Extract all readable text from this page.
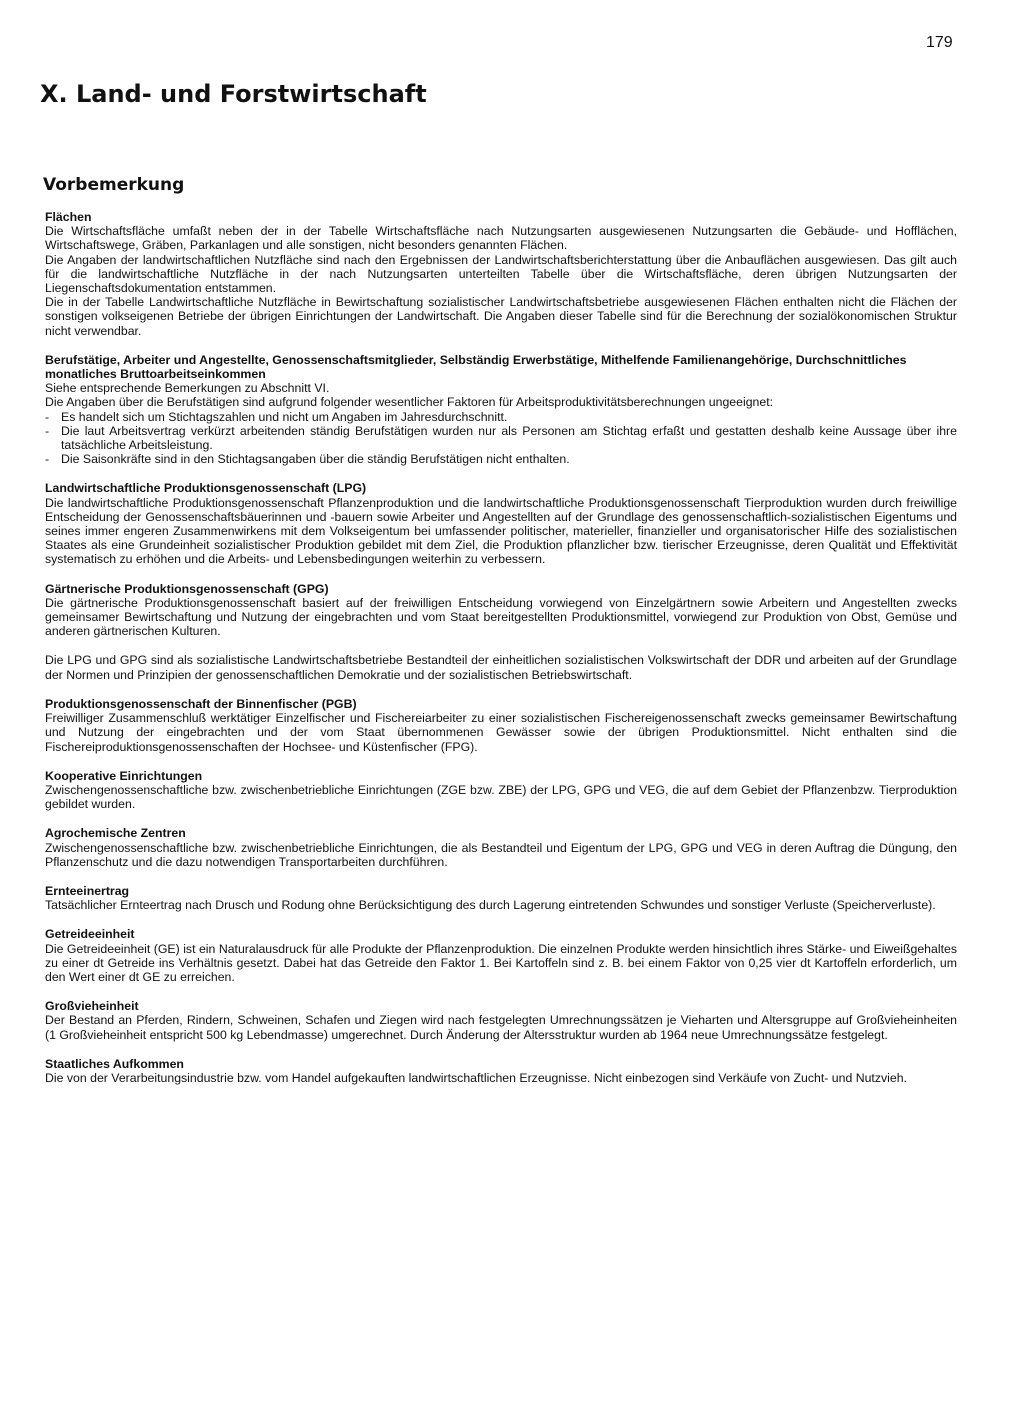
179
X. Land- und Forstwirtschaft
Vorbemerkung
Flächen

Die Wirtschaftsfläche umfaßt neben der in der Tabelle Wirtschaftsfläche nach Nutzungsarten ausgewiesenen Nutzungsarten die Gebäude- und Hofflächen, Wirtschaftswege, Gräben, Parkanlagen und alle sonstigen, nicht besonders genannten Flächen.

Die Angaben der landwirtschaftlichen Nutzfläche sind nach den Ergebnissen der Landwirtschaftsberichterstattung über die Anbauflächen ausgewiesen. Das gilt auch für die landwirtschaftliche Nutzfläche in der nach Nutzungsarten unterteilten Tabelle über die Wirtschaftsfläche, deren übrigen Nutzungsarten der Liegenschaftsdokumentation entstammen.

Die in der Tabelle Landwirtschaftliche Nutzfläche in Bewirtschaftung sozialistischer Landwirtschaftsbetriebe ausgewiesenen Flächen enthalten nicht die Flächen der sonstigen volkseigenen Betriebe der übrigen Einrichtungen der Landwirtschaft. Die Angaben dieser Tabelle sind für die Berechnung der sozialökonomischen Struktur nicht verwendbar.

Berufstätige, Arbeiter und Angestellte, Genossenschaftsmitglieder, Selbständig Erwerbstätige, Mithelfende Familienangehörige, Durchschnittliches monatliches Bruttoarbeitseinkommen

Siehe entsprechende Bemerkungen zu Abschnitt VI.

Die Angaben über die Berufstätigen sind aufgrund folgender wesentlicher Faktoren für Arbeitsproduktivitätsberechnungen ungeeignet:

- Es handelt sich um Stichtagszahlen und nicht um Angaben im Jahresdurchschnitt.
- Die laut Arbeitsvertrag verkürzt arbeitenden ständig Berufstätigen wurden nur als Personen am Stichtag erfaßt und gestatten deshalb keine Aussage über ihre tatsächliche Arbeitsleistung.
- Die Saisonkräfte sind in den Stichtagsangaben über die ständig Berufstätigen nicht enthalten.
Landwirtschaftliche Produktionsgenossenschaft (LPG)

Die landwirtschaftliche Produktionsgenossenschaft Pflanzenproduktion und die landwirtschaftliche Produktionsgenossenschaft Tierproduktion wurden durch freiwillige Entscheidung der Genossenschaftsbäuerinnen und -bauern sowie Arbeiter und Angestellten auf der Grundlage des genossenschaftlich-sozialistischen Eigentums und seines immer engeren Zusammenwirkens mit dem Volkseigentum bei umfassender politischer, materieller, finanzieller und organisatorischer Hilfe des sozialistischen Staates als eine Grundeinheit sozialistischer Produktion gebildet mit dem Ziel, die Produktion pflanzlicher bzw. tierischer Erzeugnisse, deren Qualität und Effektivität systematisch zu erhöhen und die Arbeits- und Lebensbedingungen weiterhin zu verbessern.

Gärtnerische Produktionsgenossenschaft (GPG)

Die gärtnerische Produktionsgenossenschaft basiert auf der freiwilligen Entscheidung vorwiegend von Einzelgärtnern sowie Arbeitern und Angestellten zwecks gemeinsamer Bewirtschaftung und Nutzung der eingebrachten und vom Staat bereitgestellten Produktionsmittel, vorwiegend zur Produktion von Obst, Gemüse und anderen gärtnerischen Kulturen.

Die LPG und GPG sind als sozialistische Landwirtschaftsbetriebe Bestandteil der einheitlichen sozialistischen Volkswirtschaft der DDR und arbeiten auf der Grundlage der Normen und Prinzipien der genossenschaftlichen Demokratie und der sozialistischen Betriebswirtschaft.

Produktionsgenossenschaft der Binnenfischer (PGB)

Freiwilliger Zusammenschluß werktätiger Einzelfischer und Fischereiarbeiter zu einer sozialistischen Fischereigenossenschaft zwecks gemeinsamer Bewirtschaftung und Nutzung der eingebrachten und der vom Staat übernommenen Gewässer sowie der übrigen Produktionsmittel. Nicht enthalten sind die Fischereiproduktionsgenossenschaften der Hochsee- und Küstenfischer (FPG).

Kooperative Einrichtungen

Zwischengenossenschaftliche bzw. zwischenbetriebliche Einrichtungen (ZGE bzw. ZBE) der LPG, GPG und VEG, die auf dem Gebiet der Pflanzenbzw. Tierproduktion gebildet wurden.

Agrochemische Zentren

Zwischengenossenschaftliche bzw. zwischenbetriebliche Einrichtungen, die als Bestandteil und Eigentum der LPG, GPG und VEG in deren Auftrag die Düngung, den Pflanzenschutz und die dazu notwendigen Transportarbeiten durchführen.

Ernteeinertrag

Tatsächlicher Ernteertrag nach Drusch und Rodung ohne Berücksichtigung des durch Lagerung eintretenden Schwundes und sonstiger Verluste (Speicherverluste).

Getreideeinheit

Die Getreideeinheit (GE) ist ein Naturalausdruck für alle Produkte der Pflanzenproduktion. Die einzelnen Produkte werden hinsichtlich ihres Stärke- und Eiweißgehaltes zu einer dt Getreide ins Verhältnis gesetzt. Dabei hat das Getreide den Faktor 1. Bei Kartoffeln sind z. B. bei einem Faktor von 0,25 vier dt Kartoffeln erforderlich, um den Wert einer dt GE zu erreichen.

Großvieheinheit

Der Bestand an Pferden, Rindern, Schweinen, Schafen und Ziegen wird nach festgelegten Umrechnungssätzen je Vieharten und Altersgruppe auf Großvieheinheiten (1 Großvieheinheit entspricht 500 kg Lebendmasse) umgerechnet. Durch Änderung der Altersstruktur wurden ab 1964 neue Umrechnungssätze festgelegt.

Staatliches Aufkommen

Die von der Verarbeitungsindustrie bzw. vom Handel aufgekauften landwirtschaftlichen Erzeugnisse. Nicht einbezogen sind Verkäufe von Zucht- und Nutzvieh.
